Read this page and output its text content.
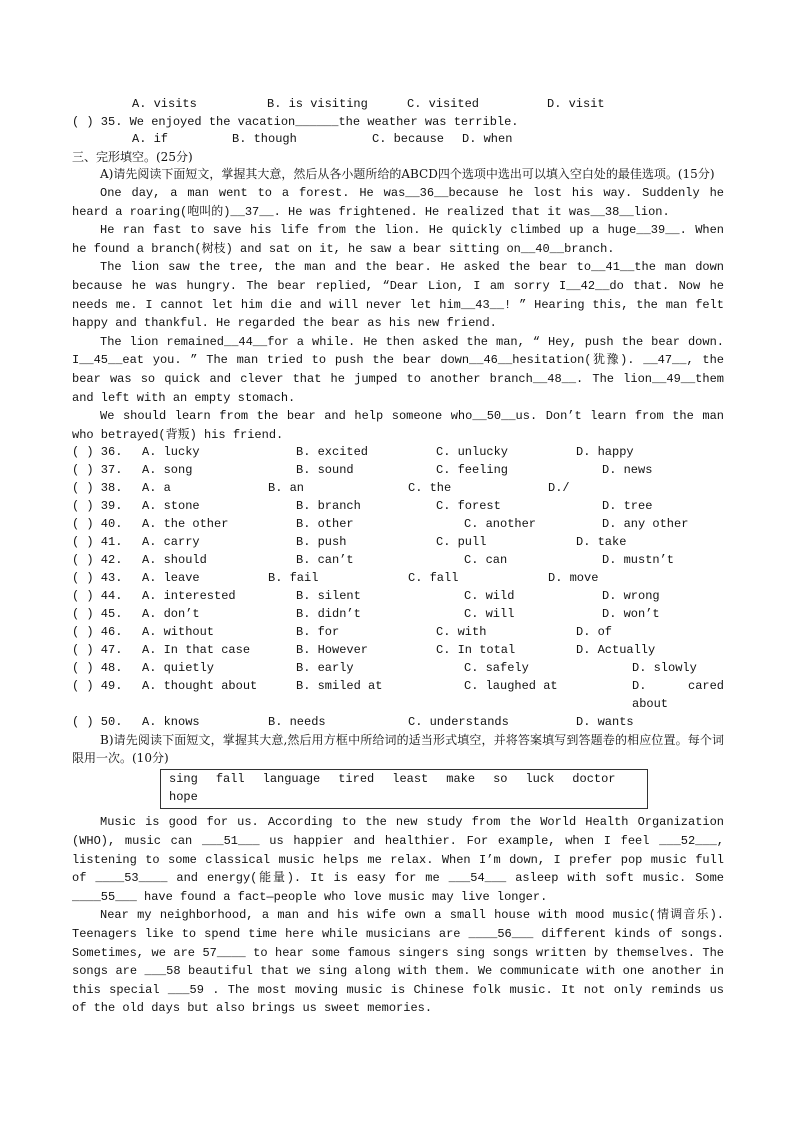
A. visits	B. is visiting	C. visited	D. visit
( ) 35. We enjoyed the vacation______the weather was terrible.
A. if	B. though	C. because D. when
三、完形填空。(25分)
A)请先阅读下面短文，掌握其大意，然后从各小题所给的ABCD四个选项中选出可以填入空白处的最佳选项。(15分)

One day, a man went to a forest. He was__36__because he lost his way. Suddenly he heard a roaring(咆叫的)__37__. He was frightened. He realized that it was__38__lion.

He ran fast to save his life from the lion. He quickly climbed up a huge__39__. When he found a branch(树枝) and sat on it, he saw a bear sitting on__40__branch.

The lion saw the tree, the man and the bear. He asked the bear to__41__the man down because he was hungry. The bear replied, “Dear Lion, I am sorry I__42__do that. Now he needs me. I cannot let him die and will never let him__43__! ” Hearing this, the man felt happy and thankful. He regarded the bear as his new friend.

The lion remained__44__for a while. He then asked the man, “ Hey, push the bear down. I__45__eat you. ” The man tried to push the bear down__46__hesitation(犹豫). __47__, the bear was so quick and clever that he jumped to another branch__48__. The lion__49__them and left with an empty stomach.

We should learn from the bear and help someone who__50__us. Don’t learn from the man who betrayed(背叛) his friend.

( ) 36. A. lucky	B. excited	C. unlucky	D. happy
( ) 37. A. song	B. sound	C. feeling	D. news
( ) 38. A. a	B. an	C. the	D./
( ) 39. A. stone	B. branch	C. forest	D. tree
( ) 40. A. the other	B. other	C. another	D. any other
( ) 41. A. carry	B. push	C. pull	D. take
( ) 42. A. should	B. can’t	C. can	D. mustn’t
( ) 43. A. leave	B. fail	C. fall	D. move
( ) 44. A. interested	B. silent	C. wild	D. wrong
( ) 45. A. don’t	B. didn’t	C. will	D. won’t
( ) 46. A. without	B. for	C. with	D. of
( ) 47. A. In that case	B. However	C. In total	D. Actually
( ) 48. A. quietly	B. early	C. safely	D. slowly
( ) 49. A. thought about	B. smiled at	C. laughed at	D. cared about
( ) 50. A. knows	B. needs	C. understands	D. wants
B)请先阅读下面短文，掌握其大意,然后用方框中所给词的适当形式填空，并将答案填写到答题卷的相应位置。每个词限用一次。(10分)
sing fall language tired least make so luck doctor
hope

Music is good for us. According to the new study from the World Health Organization (WHO), music can ___51___ us happier and healthier. For example, when I feel ___52___, listening to some classical music helps me relax. When I’m down, I prefer pop music full of ____53____ and energy(能量). It is easy for me ___54___ asleep with soft music. Some ____55___ have found a fact—people who love music may live longer.

Near my neighborhood, a man and his wife own a small house with mood music(情调音乐). Teenagers like to spend time here while musicians are ____56___ different kinds of songs. Sometimes, we are 57____ to hear some famous singers sing songs written by themselves. The songs are ___58 beautiful that we sing along with them. We communicate with one another in this special ___59 . The most moving music is Chinese folk music. It not only reminds us of the old days but also brings us sweet memories.
